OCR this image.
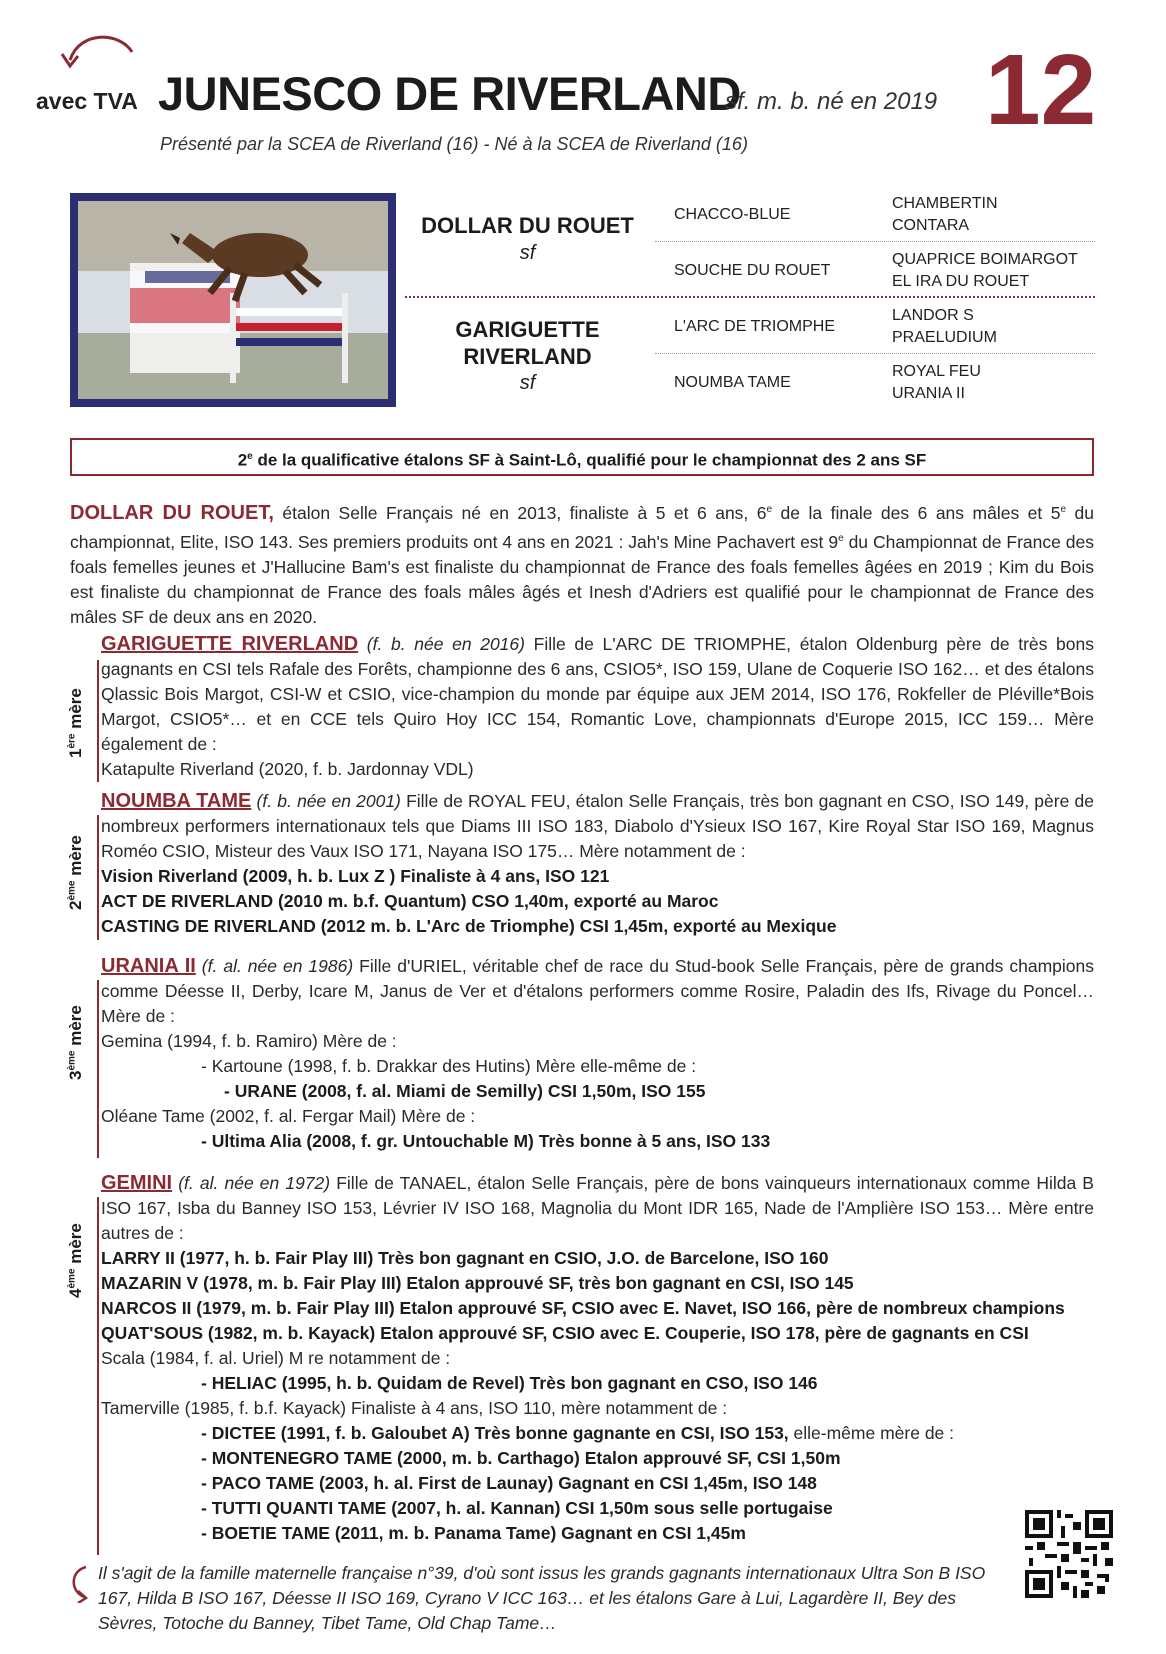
avec TVA JUNESCO DE RIVERLAND
sf. m. b. né en 2019 12
Présenté par la SCEA de Riverland (16) - Né à la SCEA de Riverland (16)
DOLLAR DU ROUET
sf
GARIGUETTE
RIVERLAND
sf
CHACCO-BLUE
SOUCHE DU ROUET
L'ARC DE TRIOMPHE
NOUMBA TAME
CHAMBERTIN
CONTARA
QUAPRICE BOIMARGOT
EL IRA DU ROUET
LANDOR S
PRAELUDIUM
ROYAL FEU
URANIA II
2e de la qualificative étalons SF à Saint-Lô, qualifié pour le championnat des 2 ans SF
DOLLAR DU ROUET, étalon Selle Français né en 2013, finaliste à 5 et 6 ans, 6e de la finale des 6 ans mâles et 5e du championnat, Elite, ISO 143. Ses premiers produits ont 4 ans en 2021 : Jah's Mine Pachavert est 9e du Championnat de France des foals femelles jeunes et J'Hallucine Bam's est finaliste du championnat de France des foals femelles âgées en 2019 ; Kim du Bois est finaliste du championnat de France des foals mâles âgés et Inesh d'Adriers est qualifié pour le championnat de France des mâles SF de deux ans en 2020.
1ère mère
GARIGUETTE RIVERLAND (f. b. née en 2016) Fille de L'ARC DE TRIOMPHE, étalon Oldenburg père de très bons gagnants en CSI tels Rafale des Forêts, championne des 6 ans, CSIO5*, ISO 159, Ulane de Coquerie ISO 162… et des étalons Qlassic Bois Margot, CSI-W et CSIO, vice-champion du monde par équipe aux JEM 2014, ISO 176, Rokfeller de Pléville*Bois Margot, CSIO5*… et en CCE tels Quiro Hoy ICC 154, Romantic Love, championnats d'Europe 2015, ICC 159… Mère également de :
Katapulte Riverland (2020, f. b. Jardonnay VDL)
2ème mère
NOUMBA TAME (f. b. née en 2001) Fille de ROYAL FEU, étalon Selle Français, très bon gagnant en CSO, ISO 149, père de nombreux performers internationaux tels que Diams III ISO 183, Diabolo d'Ysieux ISO 167, Kire Royal Star ISO 169, Magnus Roméo CSIO, Misteur des Vaux ISO 171, Nayana ISO 175… Mère notamment de :
Vision Riverland (2009, h. b. Lux Z ) Finaliste à 4 ans, ISO 121
ACT DE RIVERLAND (2010 m. b.f. Quantum) CSO 1,40m, exporté au Maroc
CASTING DE RIVERLAND (2012 m. b. L'Arc de Triomphe) CSI 1,45m, exporté au Mexique
3ème mère
URANIA II (f. al. née en 1986) Fille d'URIEL, véritable chef de race du Stud-book Selle Français, père de grands champions comme Déesse II, Derby, Icare M, Janus de Ver et d'étalons performers comme Rosire, Paladin des Ifs, Rivage du Poncel… Mère de :
Gemina (1994, f. b. Ramiro) Mère de :
- Kartoune (1998, f. b. Drakkar des Hutins) Mère elle-même de :
- URANE (2008, f. al. Miami de Semilly) CSI 1,50m, ISO 155
Oléane Tame (2002, f. al. Fergar Mail) Mère de :
- Ultima Alia (2008, f. gr. Untouchable M) Très bonne à 5 ans, ISO 133
4ème mère
GEMINI (f. al. née en 1972) Fille de TANAEL, étalon Selle Français, père de bons vainqueurs internationaux comme Hilda B ISO 167, Isba du Banney ISO 153, Lévrier IV ISO 168, Magnolia du Mont IDR 165, Nade de l'Amplière ISO 153… Mère entre autres de :
LARRY II (1977, h. b. Fair Play III) Très bon gagnant en CSIO, J.O. de Barcelone, ISO 160
MAZARIN V (1978, m. b. Fair Play III) Etalon approuvé SF, très bon gagnant en CSI, ISO 145
NARCOS II (1979, m. b. Fair Play III) Etalon approuvé SF, CSIO avec E. Navet, ISO 166, père de nombreux champions
QUAT'SOUS (1982, m. b. Kayack) Etalon approuvé SF, CSIO avec E. Couperie, ISO 178, père de gagnants en CSI
Scala (1984, f. al. Uriel) M re notamment de :
- HELIAC (1995, h. b. Quidam de Revel) Très bon gagnant en CSO, ISO 146
Tamerville (1985, f. b.f. Kayack) Finaliste à 4 ans, ISO 110, mère notamment de :
- DICTEE (1991, f. b. Galoubet A) Très bonne gagnante en CSI, ISO 153, elle-même mère de :
- MONTENEGRO TAME (2000, m. b. Carthago) Etalon approuvé SF, CSI 1,50m
- PACO TAME (2003, h. al. First de Launay) Gagnant en CSI 1,45m, ISO 148
- TUTTI QUANTI TAME (2007, h. al. Kannan) CSI 1,50m sous selle portugaise
- BOETIE TAME (2011, m. b. Panama Tame) Gagnant en CSI 1,45m
Il s'agit de la famille maternelle française n°39, d'où sont issus les grands gagnants internationaux Ultra Son B ISO 167, Hilda B ISO 167, Déesse II ISO 169, Cyrano V ICC 163… et les étalons Gare à Lui, Lagardère II, Bey des Sèvres, Totoche du Banney, Tibet Tame, Old Chap Tame…
